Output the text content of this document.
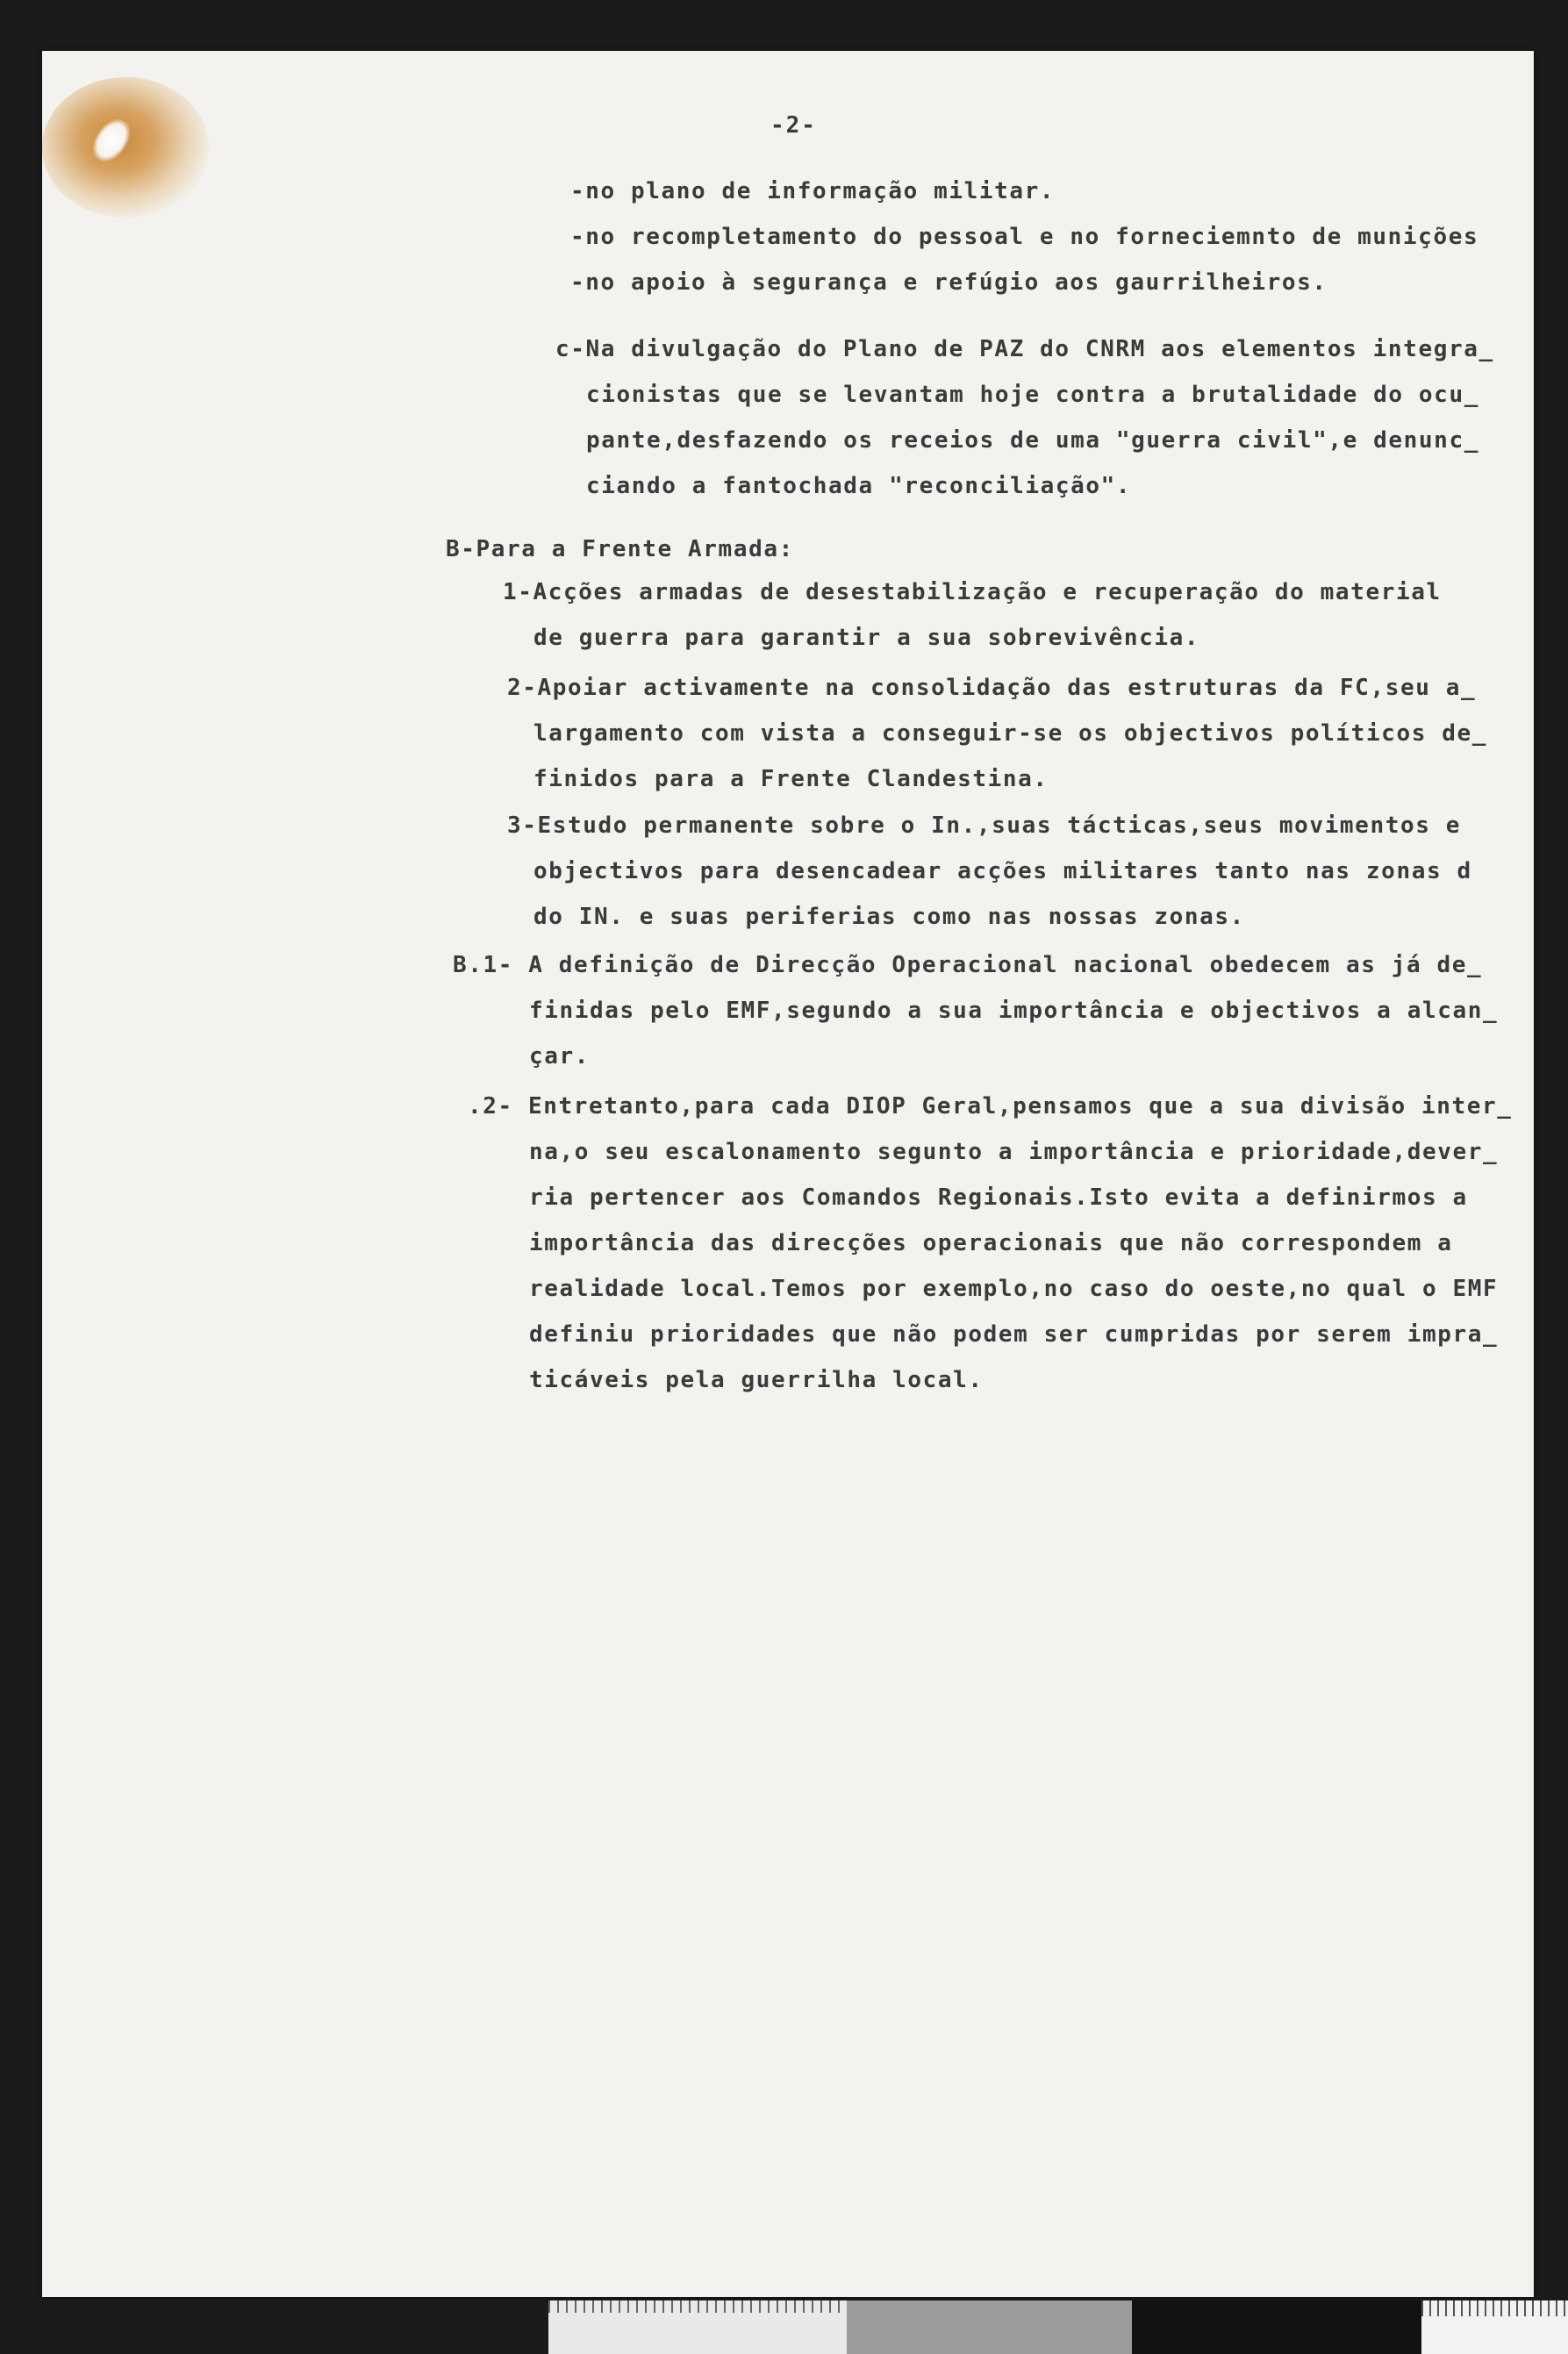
-2-
-no plano de informação militar.
-no recompletamento do pessoal e no forneciemnto de munições
-no apoio à segurança e refúgio aos gaurrilheiros.
c-Na divulgação do Plano de PAZ do CNRM aos elementos integra_
cionistas que se levantam hoje contra a brutalidade do ocu_
pante,desfazendo os receios de uma "guerra civil",e denunc_
ciando a fantochada "reconciliação".
B-Para a Frente Armada:
1-Acções armadas de desestabilização e recuperação do material
de guerra para garantir a sua sobrevivência.
2-Apoiar activamente na consolidação das estruturas da FC,seu a_
largamento com vista a conseguir-se os objectivos políticos de_
finidos para a Frente Clandestina.
3-Estudo permanente sobre o In.,suas tácticas,seus movimentos e
objectivos para desencadear acções militares tanto nas zonas d
do IN. e suas periferias como nas nossas zonas.
B.1- A definição de Direcção Operacional nacional obedecem as já de_
finidas pelo EMF,segundo a sua importância e objectivos a alcan_
çar.
.2- Entretanto,para cada DIOP Geral,pensamos que a sua divisão inter_
na,o seu escalonamento segunto a importância e prioridade,dever_
ria pertencer aos Comandos Regionais.Isto evita a definirmos a
importância das direcções operacionais que não correspondem a
realidade local.Temos por exemplo,no caso do oeste,no qual o EMF
definiu prioridades que não podem ser cumpridas por serem impra_
ticáveis pela guerrilha local.
